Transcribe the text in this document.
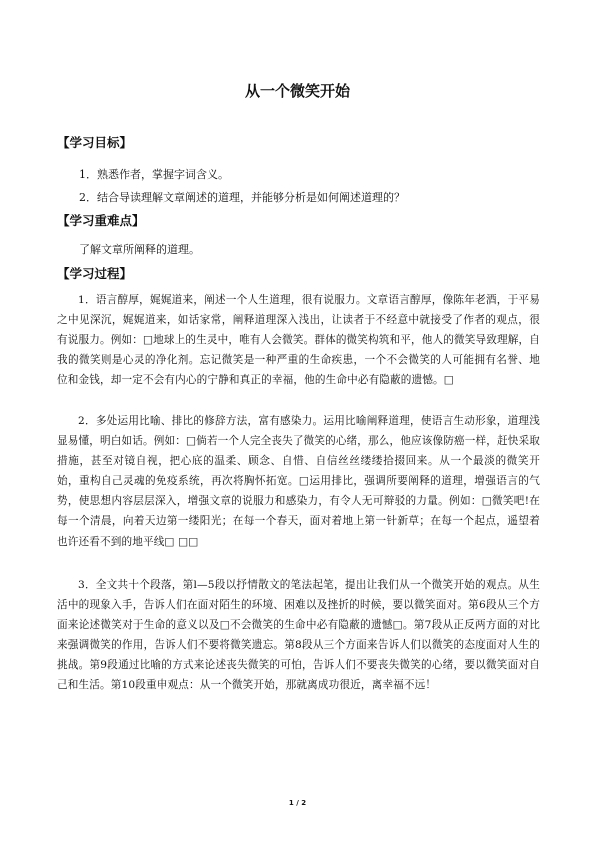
从一个微笑开始
【学习目标】
1．熟悉作者，掌握字词含义。
2．结合导读理解文章阐述的道理，并能够分析是如何阐述道理的？
【学习重难点】
了解文章所阐释的道理。
【学习过程】

1．语言醇厚，娓娓道来，阐述一个人生道理，很有说服力。文章语言醇厚，像陈年老酒，于平易之中见深沉，娓娓道来，如话家常，阐释道理深入浅出，让读者于不经意中就接受了作者的观点，很有说服力。例如：□地球上的生灵中，唯有人会微笑。群体的微笑构筑和平，他人的微笑导致理解，自我的微笑则是心灵的净化剂。忘记微笑是一种严重的生命疾患，一个不会微笑的人可能拥有名誉、地位和金钱，却一定不会有内心的宁静和真正的幸福，他的生命中必有隐蔽的遗憾。□

2．多处运用比喻、排比的修辞方法，富有感染力。运用比喻阐释道理，使语言生动形象，道理浅显易懂，明白如话。例如：□倘若一个人完全丧失了微笑的心绪，那么，他应该像防癌一样，赶快采取措施，甚至对镜自视，把心底的温柔、顾念、自惜、自信丝丝缕缕拾掇回来。从一个最淡的微笑开始，重构自己灵魂的免疫系统，再次将胸怀拓宽。□运用排比，强调所要阐释的道理，增强语言的气势，使思想内容层层深入，增强文章的说服力和感染力，有令人无可辩驳的力量。例如：□微笑吧!在每一个清晨，向着天边第一缕阳光；在每一个春天，面对着地上第一针新草；在每一个起点，遥望着也许还看不到的地平线□ □□

3．全文共十个段落，第l—5段以抒情散文的笔法起笔，提出让我们从一个微笑开始的观点。从生活中的现象入手，告诉人们在面对陌生的环境、困难以及挫折的时候，要以微笑面对。第6段从三个方面来论述微笑对于生命的意义以及□不会微笑的生命中必有隐蔽的遗憾□。第7段从正反两方面的对比来强调微笑的作用，告诉人们不要将微笑遗忘。第8段从三个方面来告诉人们以微笑的态度面对人生的挑战。第9段通过比喻的方式来论述丧失微笑的可怕，告诉人们不要丧失微笑的心绪，要以微笑面对自己和生活。第10段重申观点：从一个微笑开始，那就离成功很近，离幸福不远！

1 / 2
